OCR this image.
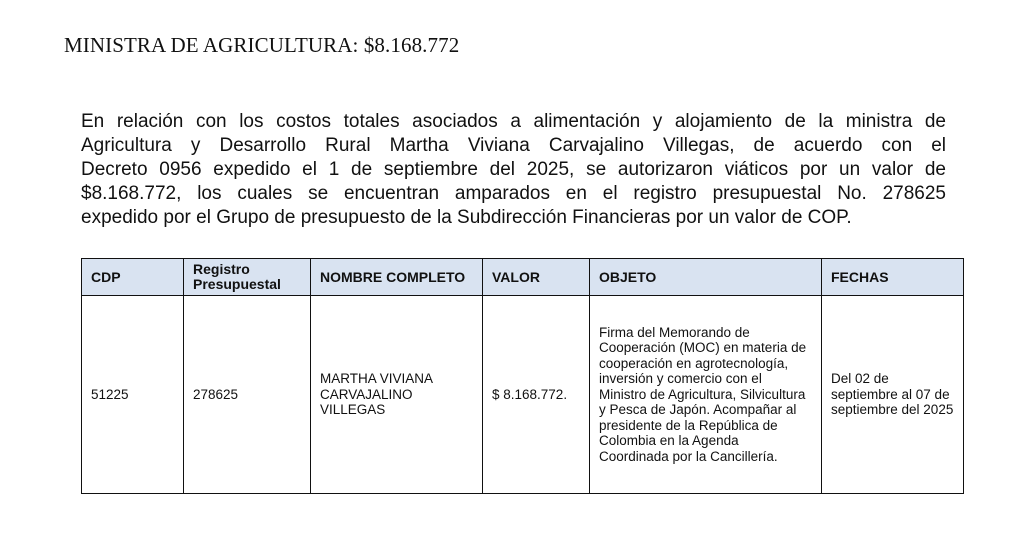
MINISTRA DE AGRICULTURA: $8.168.772
En relación con los costos totales asociados a alimentación y alojamiento de la ministra de
Agricultura y Desarrollo Rural Martha Viviana Carvajalino Villegas, de acuerdo con el
Decreto 0956 expedido el 1 de septiembre del 2025, se autorizaron viáticos por un valor de
$8.168.772, los cuales se encuentran amparados en el registro presupuestal No. 278625
expedido por el Grupo de presupuesto de la Subdirección Financieras por un valor de COP.
CDP	Registro Presupuestal	NOMBRE COMPLETO	VALOR	OBJETO	FECHAS
51225	278625	MARTHA VIVIANA CARVAJALINO VILLEGAS	$ 8.168.772.	Firma del Memorando de Cooperación (MOC) en materia de cooperación en agrotecnología, inversión y comercio con el Ministro de Agricultura, Silvicultura y Pesca de Japón. Acompañar al presidente de la República de Colombia en la Agenda Coordinada por la Cancillería.	Del 02 de septiembre al 07 de septiembre del 2025
